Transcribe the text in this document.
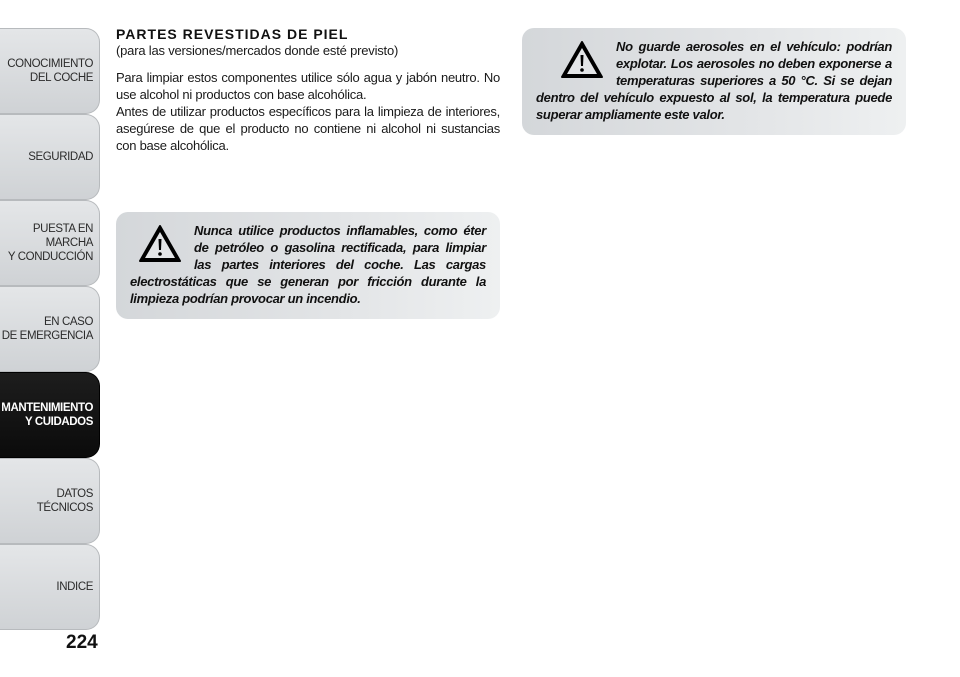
CONOCIMIENTO
DEL COCHE
SEGURIDAD
PUESTA EN MARCHA
Y CONDUCCIÓN
EN CASO
DE EMERGENCIA
MANTENIMIENTO
Y CUIDADOS
DATOS TÉCNICOS
INDICE
224
PARTES REVESTIDAS DE PIEL

(para las versiones/mercados donde esté previsto)

Para limpiar estos componentes utilice sólo agua y jabón neutro. No use alcohol ni productos con base alcohólica.

Antes de utilizar productos específicos para la limpieza de interiores, asegúrese de que el producto no contiene ni alcohol ni sustancias con base alcohólica.

Nunca utilice productos inflamables, como éter de petróleo o gasolina rectificada, para limpiar las partes interiores del coche. Las cargas electrostáticas que se generan por fricción durante la limpieza podrían provocar un incendio.
No guarde aerosoles en el vehículo: podrían explotar. Los aerosoles no deben exponerse a temperaturas superiores a 50 °C. Si se dejan dentro del vehículo expuesto al sol, la temperatura puede superar ampliamente este valor.
